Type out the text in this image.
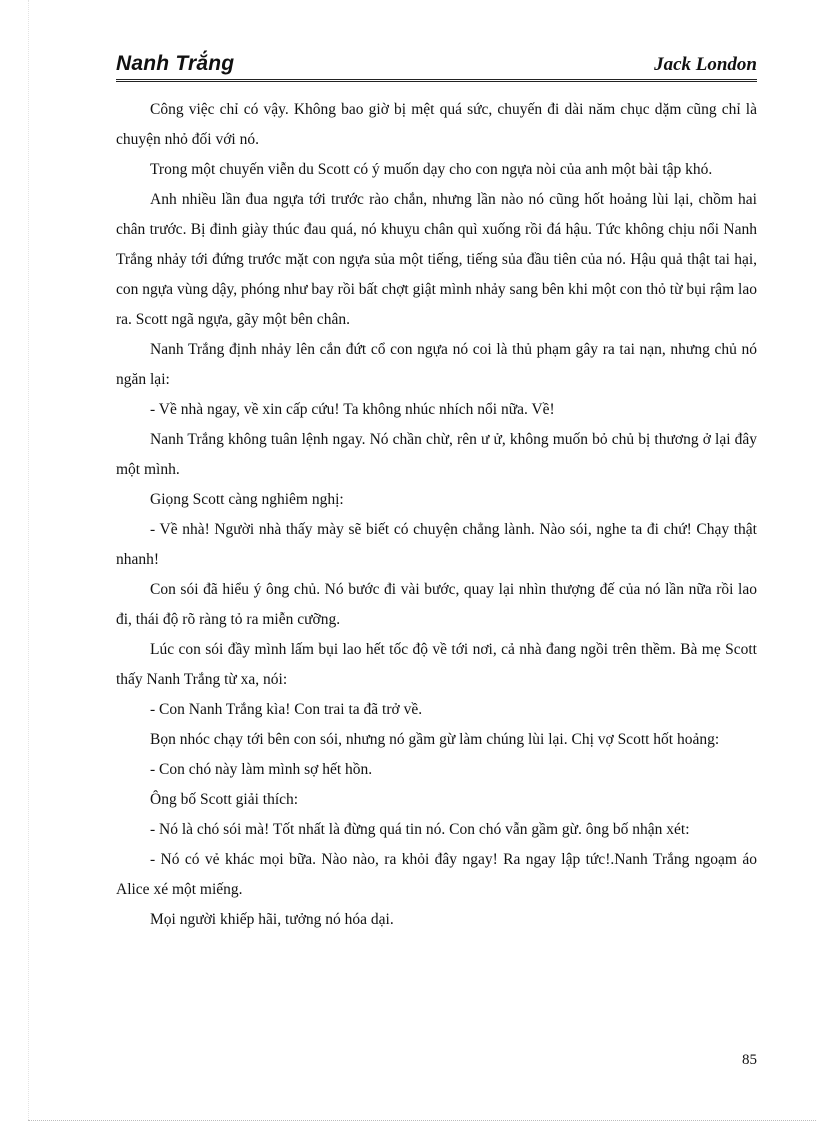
Nanh Trắng	Jack London

Công việc chỉ có vậy. Không bao giờ bị mệt quá sức, chuyến đi dài năm chục dặm cũng chỉ là chuyện nhỏ đối với nó.

Trong một chuyến viễn du Scott có ý muốn dạy cho con ngựa nòi của anh một bài tập khó.

Anh nhiều lần đua ngựa tới trước rào chắn, nhưng lần nào nó cũng hốt hoảng lùi lại, chồm hai chân trước. Bị đinh giày thúc đau quá, nó khuỵu chân quì xuống rồi đá hậu. Tức không chịu nổi Nanh Trắng nhảy tới đứng trước mặt con ngựa sủa một tiếng, tiếng sủa đầu tiên của nó. Hậu quả thật tai hại, con ngựa vùng dậy, phóng như bay rồi bất chợt giật mình nhảy sang bên khi một con thỏ từ bụi rậm lao ra. Scott ngã ngựa, gãy một bên chân.

Nanh Trắng định nhảy lên cắn đứt cổ con ngựa nó coi là thủ phạm gây ra tai nạn, nhưng chủ nó ngăn lại:

- Về nhà ngay, về xin cấp cứu! Ta không nhúc nhích nổi nữa. Về!

Nanh Trắng không tuân lệnh ngay. Nó chần chừ, rên ư ử, không muốn bỏ chủ bị thương ở lại đây một mình.

Giọng Scott càng nghiêm nghị:

- Về nhà! Người nhà thấy mày sẽ biết có chuyện chẳng lành. Nào sói, nghe ta đi chứ! Chạy thật nhanh!

Con sói đã hiểu ý ông chủ. Nó bước đi vài bước, quay lại nhìn thượng đế của nó lần nữa rồi lao đi, thái độ rõ ràng tỏ ra miễn cưỡng.

Lúc con sói đầy mình lấm bụi lao hết tốc độ về tới nơi, cả nhà đang ngồi trên thềm. Bà mẹ Scott thấy Nanh Trắng từ xa, nói:

- Con Nanh Trắng kìa! Con trai ta đã trở về.

Bọn nhóc chạy tới bên con sói, nhưng nó gầm gừ làm chúng lùi lại. Chị vợ Scott hốt hoảng:

- Con chó này làm mình sợ hết hồn.

Ông bố Scott giải thích:

- Nó là chó sói mà! Tốt nhất là đừng quá tin nó. Con chó vẫn gầm gừ. ông bố nhận xét:

- Nó có vẻ khác mọi bữa. Nào nào, ra khỏi đây ngay! Ra ngay lập tức!.Nanh Trắng ngoạm áo Alice xé một miếng.

Mọi người khiếp hãi, tưởng nó hóa dại.

85
